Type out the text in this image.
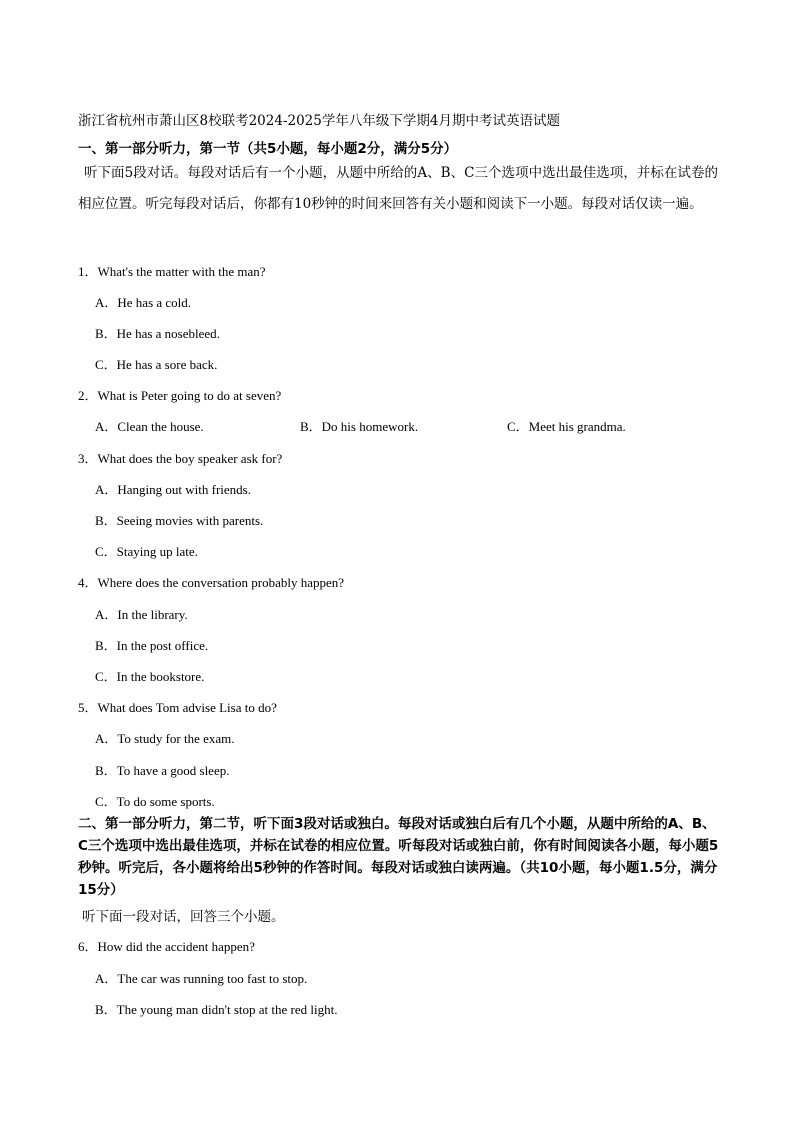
浙江省杭州市萧山区8校联考2024-2025学年八年级下学期4月期中考试英语试题
一、第一部分听力，第一节（共5小题，每小题2分，满分5分）
听下面5段对话。每段对话后有一个小题，从题中所给的A、B、C三个选项中选出最佳选项，并标在试卷的相应位置。听完每段对话后，你都有10秒钟的时间来回答有关小题和阅读下一小题。每段对话仅读一遍。
1．What's the matter with the man?
A．He has a cold.
B．He has a nosebleed.
C．He has a sore back.
2．What is Peter going to do at seven?
A．Clean the house.	B．Do his homework.	C．Meet his grandma.
3．What does the boy speaker ask for?
A．Hanging out with friends.
B．Seeing movies with parents.
C．Staying up late.
4．Where does the conversation probably happen?
A．In the library.
B．In the post office.
C．In the bookstore.
5．What does Tom advise Lisa to do?
A．To study for the exam.
B．To have a good sleep.
C．To do some sports.
二、第一部分听力，第二节，听下面3段对话或独白。每段对话或独白后有几个小题，从题中所给的A、B、C三个选项中选出最佳选项，并标在试卷的相应位置。听每段对话或独白前，你有时间阅读各小题，每小题5秒钟。听完后，各小题将给出5秒钟的作答时间。每段对话或独白读两遍。（共10小题，每小题1.5分，满分15分）
听下面一段对话，回答三个小题。
6．How did the accident happen?
A．The car was running too fast to stop.
B．The young man didn't stop at the red light.
